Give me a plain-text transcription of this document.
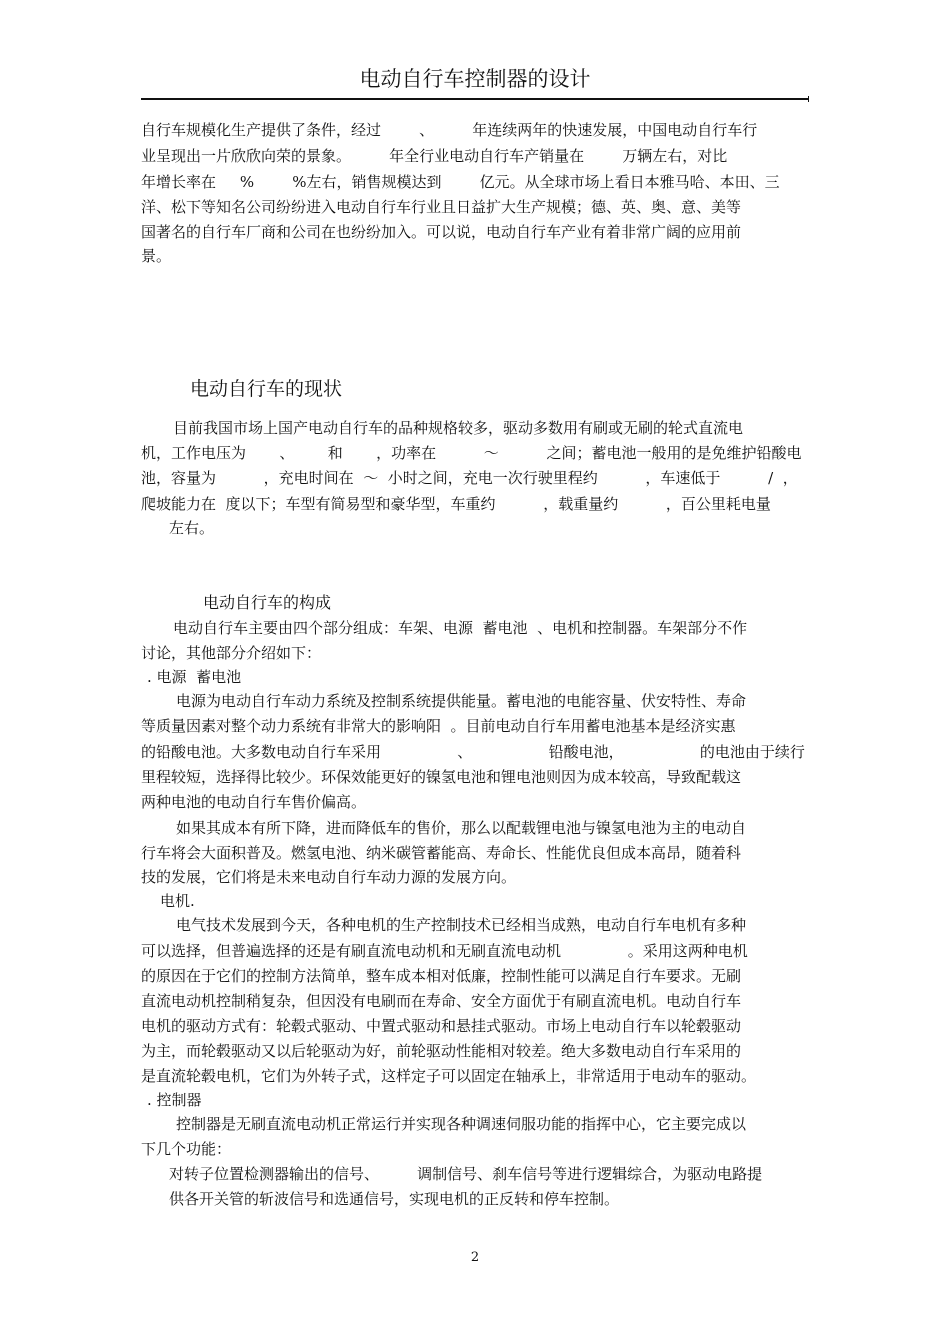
电动自行车控制器的设计
自行车规模化生产提供了条件，经过        、        年连续两年的快速发展，中国电动自行车行
业呈现出一片欣欣向荣的景象。        年全行业电动自行车产销量在        万辆左右，对比
年增长率在     %        %左右，销售规模达到        亿元。从全球市场上看日本雅马哈、本田、三
洋、松下等知名公司纷纷进入电动自行车行业且日益扩大生产规模；德、英、奥、意、美等
国著名的自行车厂商和公司在也纷纷加入。可以说，电动自行车产业有着非常广阔的应用前
景。
电动自行车的现状
目前我国市场上国产电动自行车的品种规格较多，驱动多数用有刷或无刷的轮式直流电
机，工作电压为       、       和       ，功率在          ～          之间；蓄电池一般用的是免维护铅酸电
池，容量为          ，充电时间在  ～  小时之间，充电一次行驶里程约          ，车速低于          /  ，
爬坡能力在  度以下；车型有简易型和豪华型，车重约          ，载重量约          ，百公里耗电量
左右。
电动自行车的构成
电动自行车主要由四个部分组成：车架、电源  蓄电池  、电机和控制器。车架部分不作
讨论，其他部分介绍如下：
. 电源  蓄电池
电源为电动自行车动力系统及控制系统提供能量。蓄电池的电能容量、伏安特性、寿命
等质量因素对整个动力系统有非常大的影响阳  。目前电动自行车用蓄电池基本是经济实惠
的铅酸电池。大多数电动自行车采用                、                铅酸电池，                的电池由于续行
里程较短，选择得比较少。环保效能更好的镍氢电池和锂电池则因为成本较高，导致配载这
两种电池的电动自行车售价偏高。
如果其成本有所下降，进而降低车的售价，那么以配载锂电池与镍氢电池为主的电动自
行车将会大面积普及。燃氢电池、纳米碳管蓄能高、寿命长、性能优良但成本高昂，随着科
技的发展，它们将是未来电动自行车动力源的发展方向。
电机.
电气技术发展到今天，各种电机的生产控制技术已经相当成熟，电动自行车电机有多种
可以选择，但普遍选择的还是有刷直流电动机和无刷直流电动机              。采用这两种电机
的原因在于它们的控制方法简单，整车成本相对低廉，控制性能可以满足自行车要求。无刷
直流电动机控制稍复杂，但因没有电刷而在寿命、安全方面优于有刷直流电机。电动自行车
电机的驱动方式有：轮毂式驱动、中置式驱动和悬挂式驱动。市场上电动自行车以轮毂驱动
为主，而轮毂驱动又以后轮驱动为好，前轮驱动性能相对较差。绝大多数电动自行车采用的
是直流轮毂电机，它们为外转子式，这样定子可以固定在轴承上，非常适用于电动车的驱动。
. 控制器
控制器是无刷直流电动机正常运行并实现各种调速伺服功能的指挥中心，它主要完成以
下几个功能：
对转子位置检测器输出的信号、        调制信号、刹车信号等进行逻辑综合，为驱动电路提
供各开关管的斩波信号和选通信号，实现电机的正反转和停车控制。
2
